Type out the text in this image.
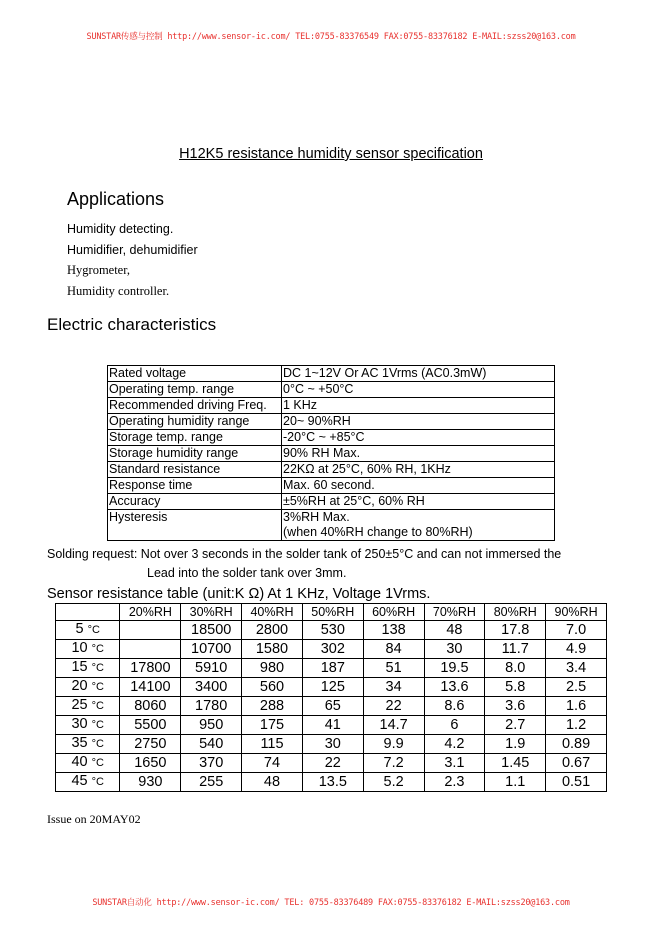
SUNSTAR传感与控制 http://www.sensor-ic.com/ TEL:0755-83376549 FAX:0755-83376182 E-MAIL:szss20@163.com
H12K5 resistance humidity sensor specification
Applications
Humidity detecting.
Humidifier, dehumidifier
Hygrometer,
Humidity controller.
Electric characteristics
Rated voltage	DC 1~12V Or AC 1Vrms (AC0.3mW)

Operating temp. range	0°C ~ +50°C

Recommended driving Freq.	1 KHz

Operating humidity range	20~ 90%RH

Storage temp. range	-20°C ~ +85°C

Storage humidity range	90% RH Max.

Standard resistance	22KΩ at 25°C, 60% RH, 1KHz

Response time	Max. 60 second.

Accuracy	±5%RH at 25°C, 60% RH

Hysteresis	3%RH Max.
(when 40%RH change to 80%RH)
Solding request: Not over 3 seconds in the solder tank of 250±5°C and can not immersed the
Lead into the solder tank over 3mm.
Sensor resistance table (unit:K Ω) At 1 KHz, Voltage 1Vrms.
	20%RH	30%RH	40%RH	50%RH	60%RH	70%RH	80%RH	90%RH
5 °C		18500	2800	530	138	48	17.8	7.0
10 °C		10700	1580	302	84	30	11.7	4.9
15 °C	17800	5910	980	187	51	19.5	8.0	3.4
20 °C	14100	3400	560	125	34	13.6	5.8	2.5
25 °C	8060	1780	288	65	22	8.6	3.6	1.6
30 °C	5500	950	175	41	14.7	6	2.7	1.2
35 °C	2750	540	115	30	9.9	4.2	1.9	0.89
40 °C	1650	370	74	22	7.2	3.1	1.45	0.67
45 °C	930	255	48	13.5	5.2	2.3	1.1	0.51
Issue on 20MAY02
SUNSTAR自动化 http://www.sensor-ic.com/ TEL: 0755-83376489 FAX:0755-83376182 E-MAIL:szss20@163.com
